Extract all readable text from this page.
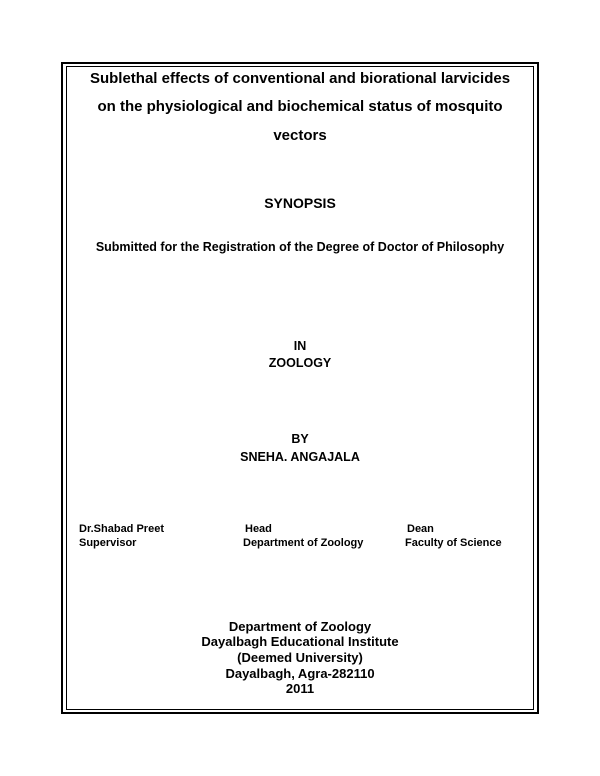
Sublethal effects of conventional and biorational larvicides
on the physiological and biochemical status of mosquito
vectors
SYNOPSIS
Submitted for the Registration of the Degree of Doctor of Philosophy
IN
ZOOLOGY
BY
SNEHA. ANGAJALA
Dr.Shabad Preet
Supervisor
Head
Department of Zoology
Dean
Faculty of Science
Department of Zoology
Dayalbagh Educational Institute
(Deemed University)
Dayalbagh, Agra-282110
2011
